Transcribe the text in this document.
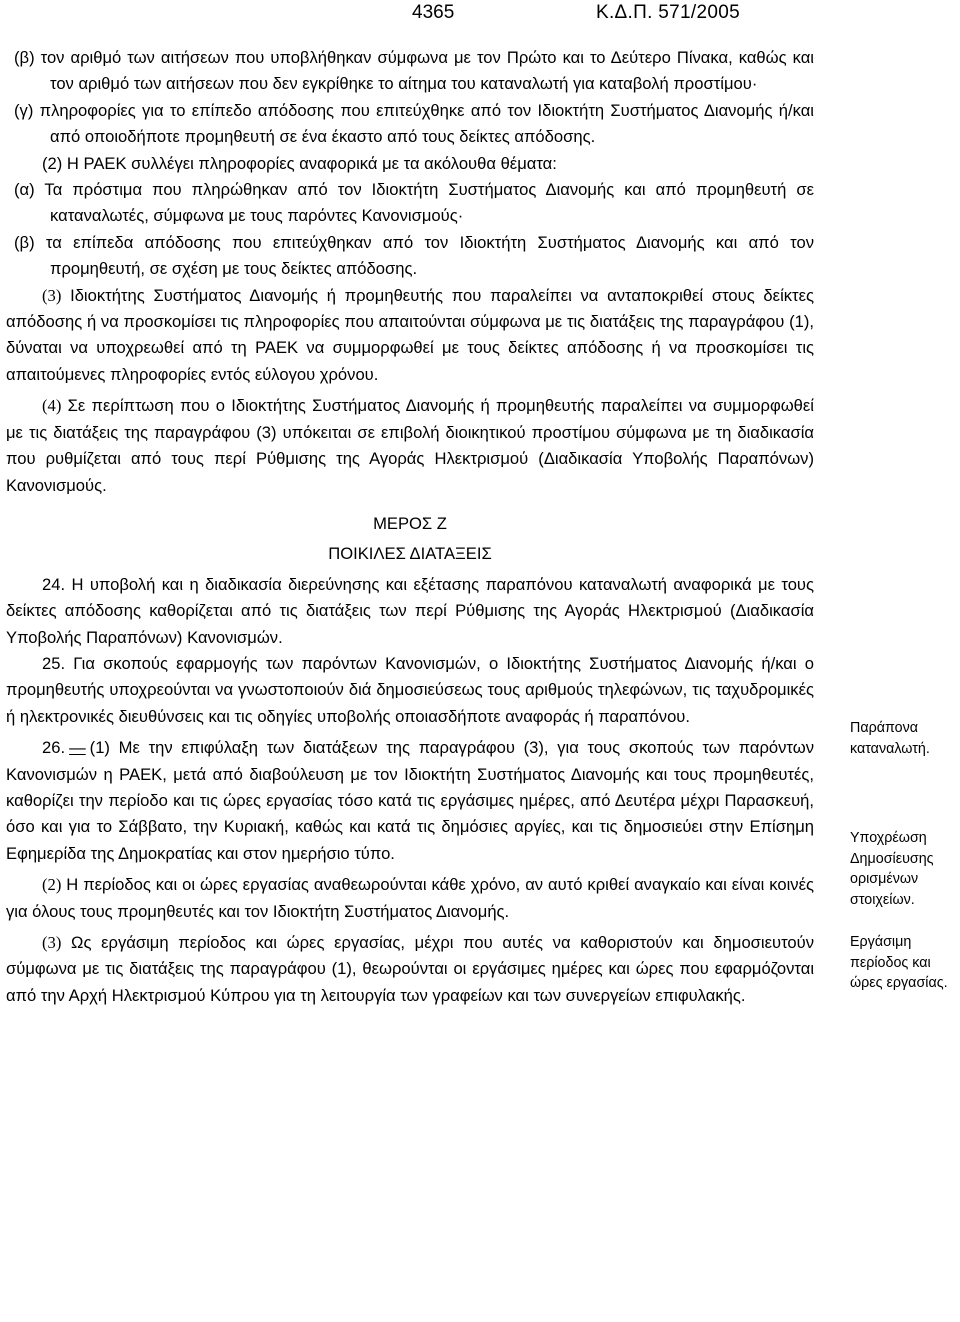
4365	Κ.Δ.Π. 571/2005

(β) τον αριθμό των αιτήσεων που υποβλήθηκαν σύμφωνα με τον Πρώτο και το Δεύτερο Πίνακα, καθώς και τον αριθμό των αιτήσεων που δεν εγκρίθηκε το αίτημα του καταναλωτή για καταβολή προστίμου·

(γ) πληροφορίες για το επίπεδο απόδοσης που επιτεύχθηκε από τον Ιδιοκτήτη Συστήματος Διανομής ή/και από οποιοδήποτε προμηθευτή σε ένα έκαστο από τους δείκτες απόδοσης.

(2) Η ΡΑΕΚ συλλέγει πληροφορίες αναφορικά με τα ακόλουθα θέματα:

(α) Τα πρόστιμα που πληρώθηκαν από τον Ιδιοκτήτη Συστήματος Διανομής και από προμηθευτή σε καταναλωτές, σύμφωνα με τους παρόντες Κανονισμούς·

(β) τα επίπεδα απόδοσης που επιτεύχθηκαν από τον Ιδιοκτήτη Συστήματος Διανομής και από τον προμηθευτή, σε σχέση με τους δείκτες απόδοσης.

(3) Ιδιοκτήτης Συστήματος Διανομής ή προμηθευτής που παραλείπει να ανταποκριθεί στους δείκτες απόδοσης ή να προσκομίσει τις πληροφορίες που απαιτούνται σύμφωνα με τις διατάξεις της παραγράφου (1), δύναται να υποχρεωθεί από τη ΡΑΕΚ να συμμορφωθεί με τους δείκτες απόδοσης ή να προσκομίσει τις απαιτούμενες πληροφορίες εντός εύλογου χρόνου.

(4) Σε περίπτωση που ο Ιδιοκτήτης Συστήματος Διανομής ή προμηθευτής παραλείπει να συμμορφωθεί με τις διατάξεις της παραγράφου (3) υπόκειται σε επιβολή διοικητικού προστίμου σύμφωνα με τη διαδικασία που ρυθμίζεται από τους περί Ρύθμισης της Αγοράς Ηλεκτρισμού (Διαδικασία Υποβολής Παραπόνων) Κανονισμούς.

ΜΕΡΟΣ Ζ

ΠΟΙΚΙΛΕΣ ΔΙΑΤΑΞΕΙΣ

24. Η υποβολή και η διαδικασία διερεύνησης και εξέτασης παραπόνου καταναλωτή αναφορικά με τους δείκτες απόδοσης καθορίζεται από τις διατάξεις των περί Ρύθμισης της Αγοράς Ηλεκτρισμού (Διαδικασία Υποβολής Παραπόνων) Κανονισμών.

25. Για σκοπούς εφαρμογής των παρόντων Κανονισμών, ο Ιδιοκτήτης Συστήματος Διανομής ή/και ο προμηθευτής υποχρεούνται να γνωστοποιούν διά δημοσιεύσεως τους αριθμούς τηλεφώνων, τις ταχυδρομικές ή ηλεκτρονικές διευθύνσεις και τις οδηγίες υποβολής οποιασδήποτε αναφοράς ή παραπόνου.

26. — (1) Με την επιφύλαξη των διατάξεων της παραγράφου (3), για τους σκοπούς των παρόντων Κανονισμών η ΡΑΕΚ, μετά από διαβούλευση με τον Ιδιοκτήτη Συστήματος Διανομής και τους προμηθευτές, καθορίζει την περίοδο και τις ώρες εργασίας τόσο κατά τις εργάσιμες ημέρες, από Δευτέρα μέχρι Παρασκευή, όσο και για το Σάββατο, την Κυριακή, καθώς και κατά τις δημόσιες αργίες, και τις δημοσιεύει στην Επίσημη Εφημερίδα της Δημοκρατίας και στον ημερήσιο τύπο.

(2) Η περίοδος και οι ώρες εργασίας αναθεωρούνται κάθε χρόνο, αν αυτό κριθεί αναγκαίο και είναι κοινές για όλους τους προμηθευτές και τον Ιδιοκτήτη Συστήματος Διανομής.

(3) Ως εργάσιμη περίοδος και ώρες εργασίας, μέχρι που αυτές να καθοριστούν και δημοσιευτούν σύμφωνα με τις διατάξεις της παραγράφου (1), θεωρούνται οι εργάσιμες ημέρες και ώρες που εφαρμόζονται από την Αρχή Ηλεκτρισμού Κύπρου για τη λειτουργία των γραφείων και των συνεργείων επιφυλακής.

Παράπονα καταναλωτή.
Υποχρέωση Δημοσίευσης ορισμένων στοιχείων.
Εργάσιμη περίοδος και ώρες εργασίας.
